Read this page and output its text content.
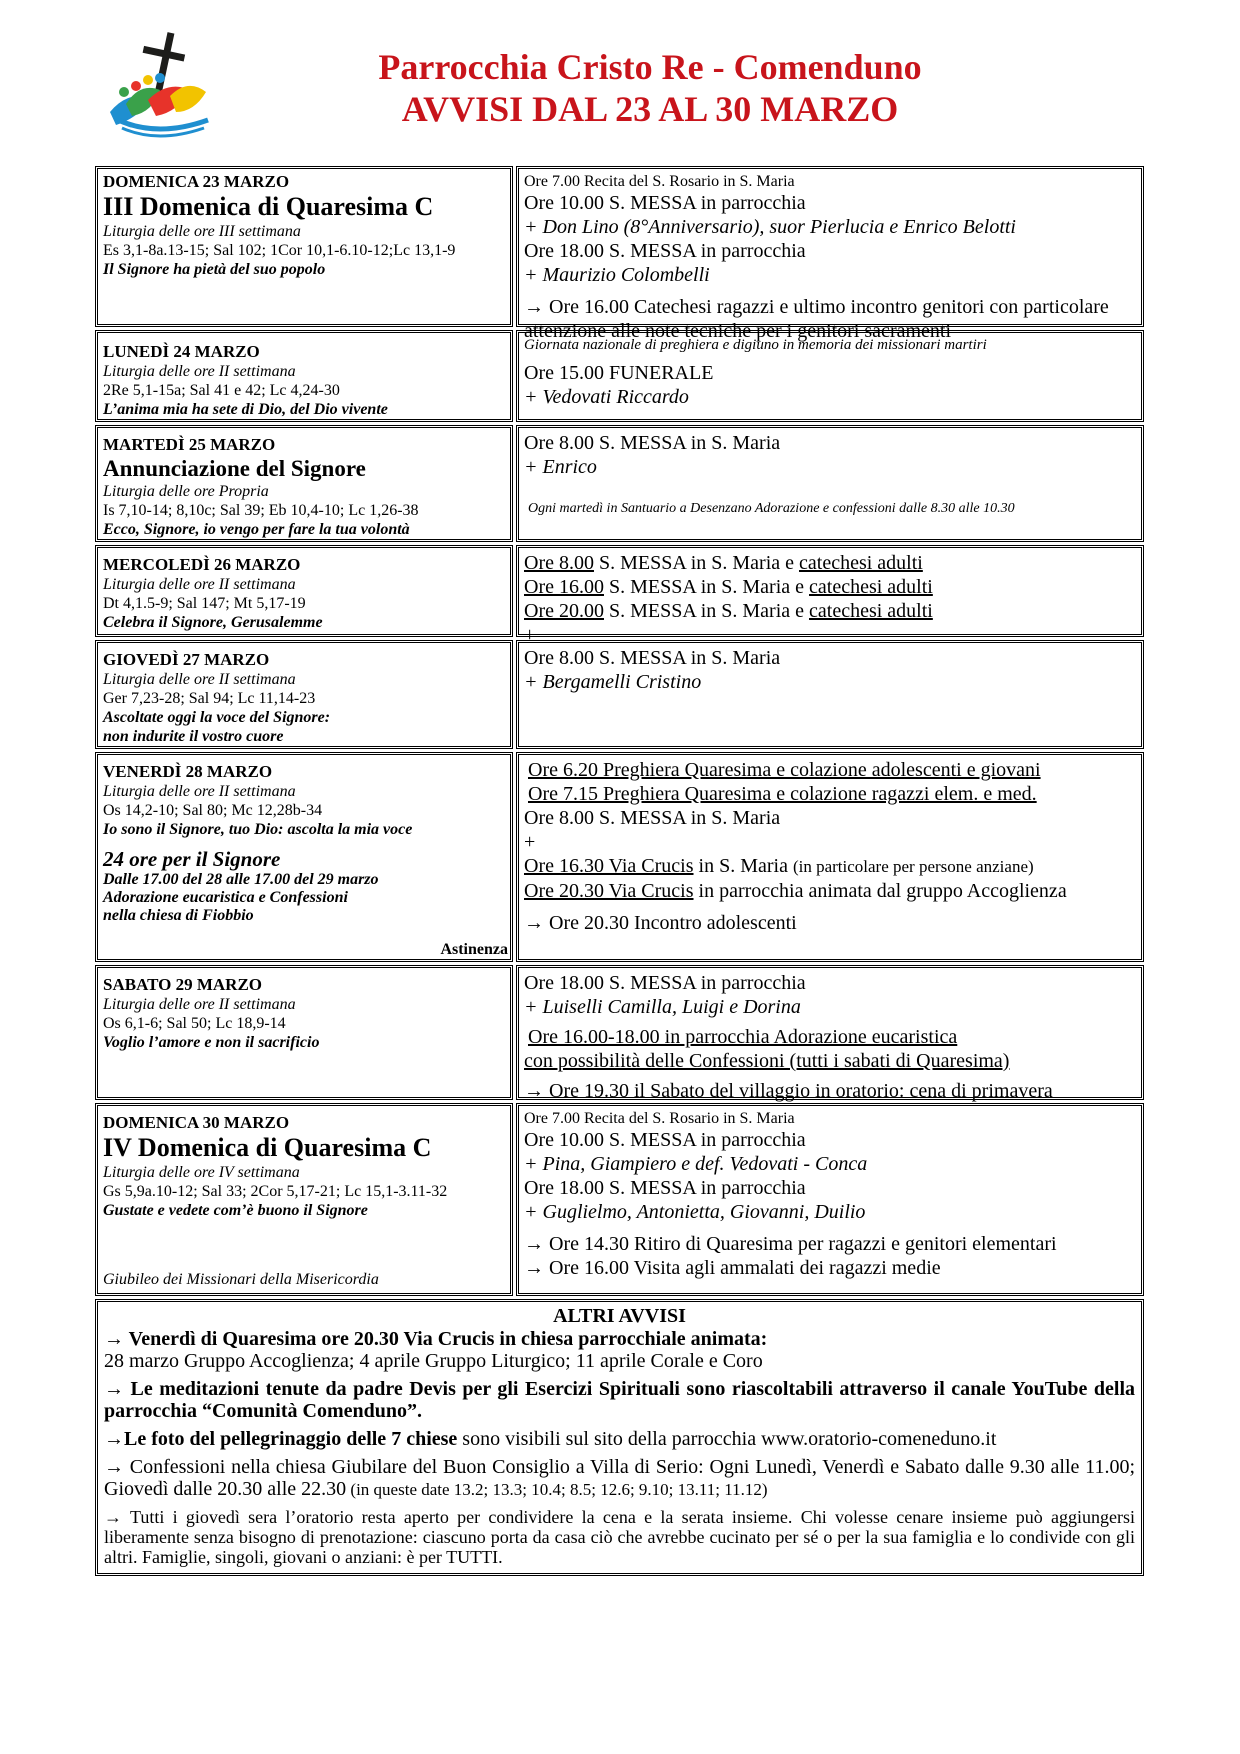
Parrocchia Cristo Re - Comenduno
AVVISI DAL 23 AL 30 MARZO
DOMENICA 23 MARZO
III Domenica di Quaresima C
Liturgia delle ore III settimana
Es 3,1-8a.13-15; Sal 102; 1Cor 10,1-6.10-12;Lc 13,1-9
Il Signore ha pietà del suo popolo
Ore 7.00 Recita del S. Rosario in S. Maria
Ore 10.00 S. MESSA in parrocchia
+ Don Lino (8°Anniversario), suor Pierlucia e Enrico Belotti
Ore 18.00 S. MESSA in parrocchia
+ Maurizio Colombelli
→ Ore 16.00 Catechesi ragazzi e ultimo incontro genitori con particolare attenzione alle note tecniche per i genitori sacramenti
LUNEDÌ 24 MARZO
Liturgia delle ore II settimana
2Re 5,1-15a; Sal 41 e 42; Lc 4,24-30
L’anima mia ha sete di Dio, del Dio vivente
Giornata nazionale di preghiera e digiuno in memoria dei missionari martiri
Ore 15.00 FUNERALE
+ Vedovati Riccardo
MARTEDÌ 25 MARZO
Annunciazione del Signore
Liturgia delle ore Propria
Is 7,10-14; 8,10c; Sal 39; Eb 10,4-10; Lc 1,26-38
Ecco, Signore, io vengo per fare la tua volontà
Ore 8.00 S. MESSA in S. Maria
+ Enrico
Ogni martedì in Santuario a Desenzano Adorazione e confessioni dalle 8.30 alle 10.30
MERCOLEDÌ 26 MARZO
Liturgia delle ore II settimana
Dt 4,1.5-9; Sal 147; Mt 5,17-19
Celebra il Signore, Gerusalemme
Ore 8.00 S. MESSA in S. Maria e catechesi adulti
Ore 16.00 S. MESSA in S. Maria e catechesi adulti
Ore 20.00 S. MESSA in S. Maria e catechesi adulti
+
GIOVEDÌ 27 MARZO
Liturgia delle ore II settimana
Ger 7,23-28; Sal 94; Lc 11,14-23
Ascoltate oggi la voce del Signore:
non indurite il vostro cuore
Ore 8.00 S. MESSA in S. Maria
+ Bergamelli Cristino
VENERDÌ 28 MARZO
Liturgia delle ore II settimana
Os 14,2-10; Sal 80; Mc 12,28b-34
Io sono il Signore, tuo Dio: ascolta la mia voce
24 ore per il Signore
Dalle 17.00 del 28 alle 17.00 del 29 marzo
Adorazione eucaristica e Confessioni
nella chiesa di Fiobbio
Astinenza
Ore 6.20 Preghiera Quaresima e colazione adolescenti e giovani
Ore 7.15 Preghiera Quaresima e colazione ragazzi elem. e med.
Ore 8.00 S. MESSA in S. Maria
+
Ore 16.30 Via Crucis in S. Maria (in particolare per persone anziane)
Ore 20.30 Via Crucis in parrocchia animata dal gruppo Accoglienza
→ Ore 20.30 Incontro adolescenti
SABATO 29 MARZO
Liturgia delle ore II settimana
Os 6,1-6; Sal 50; Lc 18,9-14
Voglio l’amore e non il sacrificio
Ore 18.00 S. MESSA in parrocchia
+ Luiselli Camilla, Luigi e Dorina
Ore 16.00-18.00 in parrocchia Adorazione eucaristica
con possibilità delle Confessioni (tutti i sabati di Quaresima)
→ Ore 19.30 il Sabato del villaggio in oratorio: cena di primavera
DOMENICA 30 MARZO
IV Domenica di Quaresima C
Liturgia delle ore IV settimana
Gs 5,9a.10-12; Sal 33; 2Cor 5,17-21; Lc 15,1-3.11-32
Gustate e vedete com’è buono il Signore
Giubileo dei Missionari della Misericordia
Ore 7.00 Recita del S. Rosario in S. Maria
Ore 10.00 S. MESSA in parrocchia
+ Pina, Giampiero e def. Vedovati - Conca
Ore 18.00 S. MESSA in parrocchia
+ Guglielmo, Antonietta, Giovanni, Duilio
→ Ore 14.30 Ritiro di Quaresima per ragazzi e genitori elementari
→ Ore 16.00 Visita agli ammalati dei ragazzi medie
ALTRI AVVISI

→ Venerdì di Quaresima ore 20.30 Via Crucis in chiesa parrocchiale animata:
28 marzo Gruppo Accoglienza; 4 aprile Gruppo Liturgico; 11 aprile Corale e Coro

→ Le meditazioni tenute da padre Devis per gli Esercizi Spirituali sono riascoltabili attraverso il canale YouTube della parrocchia “Comunità Comenduno”.

→Le foto del pellegrinaggio delle 7 chiese sono visibili sul sito della parrocchia www.oratorio-comeneduno.it

→ Confessioni nella chiesa Giubilare del Buon Consiglio a Villa di Serio: Ogni Lunedì, Venerdì e Sabato dalle 9.30 alle 11.00; Giovedì dalle 20.30 alle 22.30 (in queste date 13.2; 13.3; 10.4; 8.5; 12.6; 9.10; 13.11; 11.12)

→ Tutti i giovedì sera l’oratorio resta aperto per condividere la cena e la serata insieme. Chi volesse cenare insieme può aggiungersi liberamente senza bisogno di prenotazione: ciascuno porta da casa ciò che avrebbe cucinato per sé o per la sua famiglia e lo condivide con gli altri. Famiglie, singoli, giovani o anziani: è per TUTTI.
